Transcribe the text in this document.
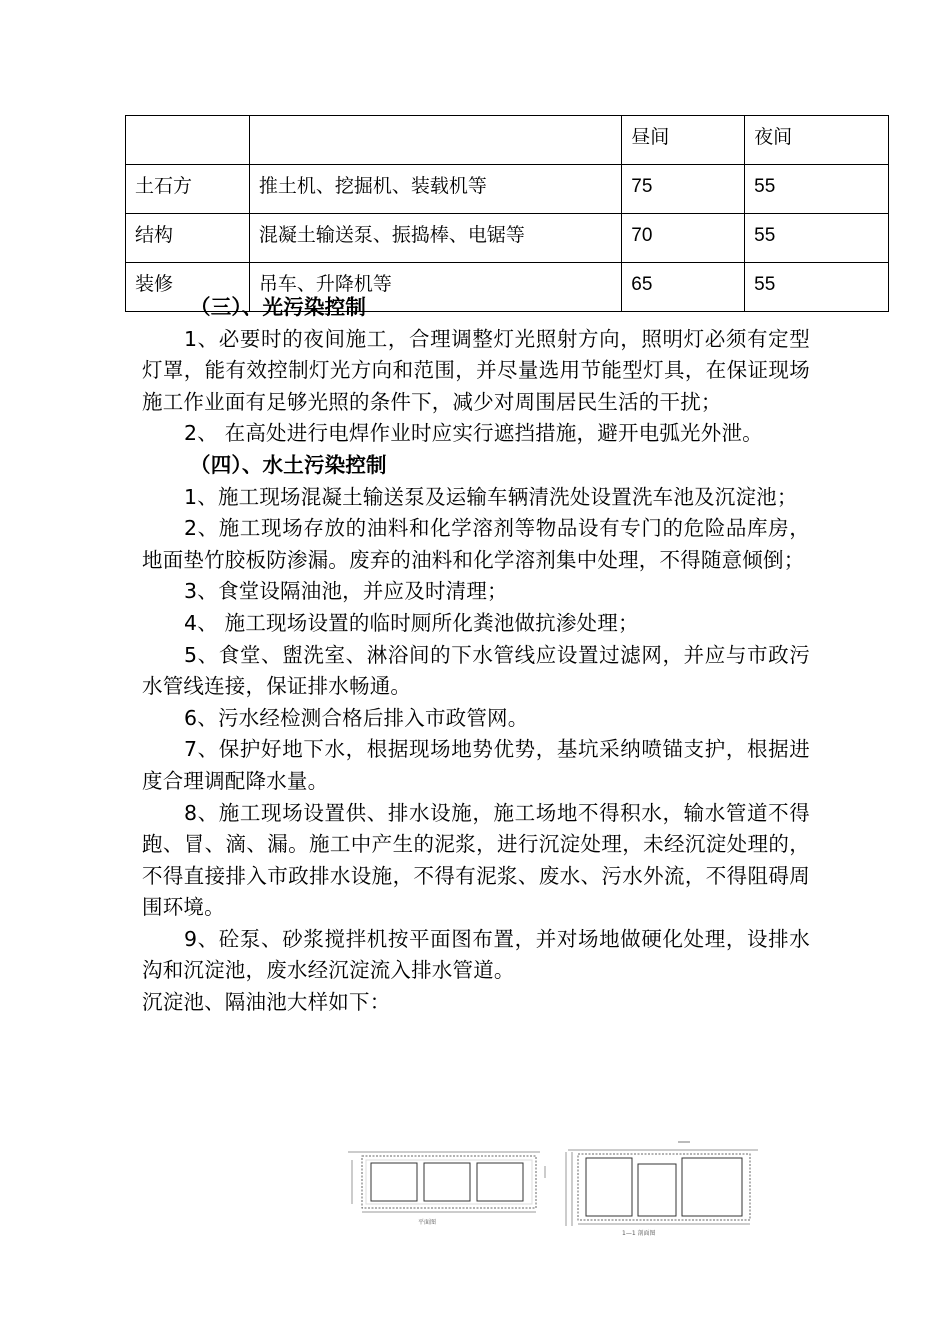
		昼间	夜间
土石方	推土机、挖掘机、装载机等	75	55
结构	混凝土输送泵、振捣棒、电锯等	70	55
装修	吊车、升降机等	65	55

（三）、光污染控制

1、必要时的夜间施工，合理调整灯光照射方向，照明灯必须有定型灯罩，能有效控制灯光方向和范围，并尽量选用节能型灯具，在保证现场施工作业面有足够光照的条件下，减少对周围居民生活的干扰；

2、 在高处进行电焊作业时应实行遮挡措施，避开电弧光外泄。

（四）、水土污染控制

1、施工现场混凝土输送泵及运输车辆清洗处设置洗车池及沉淀池；

2、施工现场存放的油料和化学溶剂等物品设有专门的危险品库房，地面垫竹胶板防渗漏。废弃的油料和化学溶剂集中处理，不得随意倾倒；

3、食堂设隔油池，并应及时清理；

4、 施工现场设置的临时厕所化粪池做抗渗处理；

5、食堂、盥洗室、淋浴间的下水管线应设置过滤网，并应与市政污水管线连接，保证排水畅通。

6、污水经检测合格后排入市政管网。

7、保护好地下水，根据现场地势优势，基坑采纳喷锚支护，根据进度合理调配降水量。

8、施工现场设置供、排水设施，施工场地不得积水，输水管道不得跑、冒、滴、漏。施工中产生的泥浆，进行沉淀处理，未经沉淀处理的，不得直接排入市政排水设施，不得有泥浆、废水、污水外流，不得阻碍周围环境。

9、砼泵、砂浆搅拌机按平面图布置，并对场地做硬化处理，设排水沟和沉淀池，废水经沉淀流入排水管道。

沉淀池、隔油池大样如下：

平面图
1—1 剖面图
